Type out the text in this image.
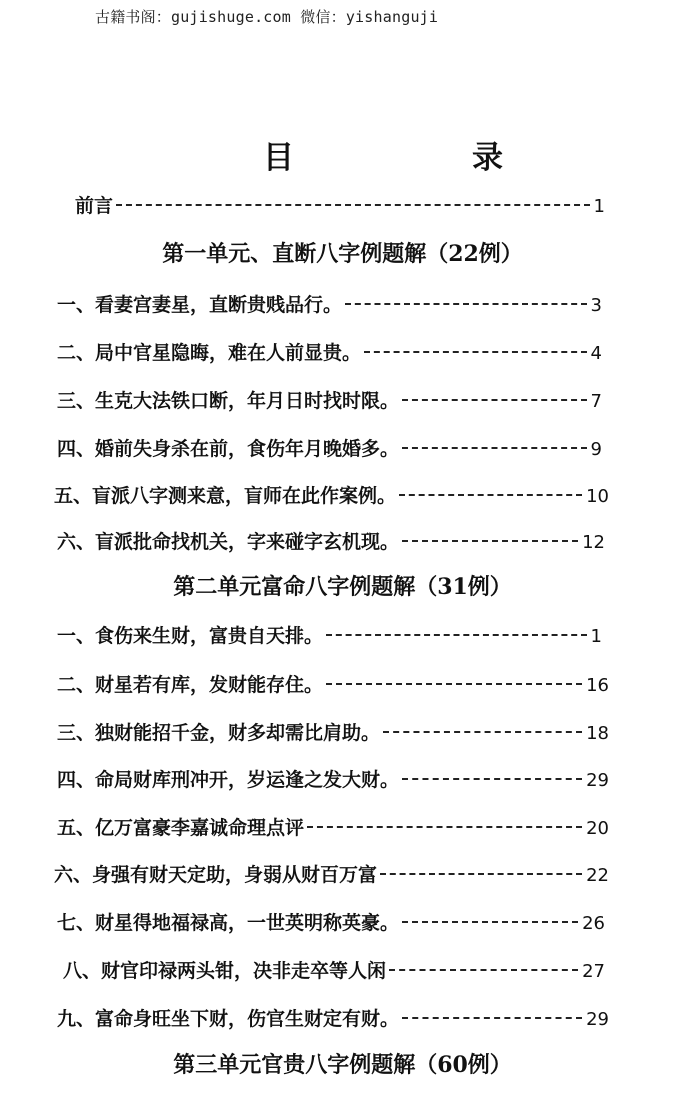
古籍书阁：gujishuge.com 微信：yishanguji
目	录
前言	1
第一单元、直断八字例题解（22例）
一、看妻宫妻星，直断贵贱品行。	3
二、局中官星隐晦，难在人前显贵。	4
三、生克大法铁口断，年月日时找时限。	7
四、婚前失身杀在前，食伤年月晚婚多。	9
五、盲派八字测来意，盲师在此作案例。	10
六、盲派批命找机关，字来碰字玄机现。	12
第二单元富命八字例题解（31例）
一、食伤来生财，富贵自天排。	1
二、财星若有库，发财能存住。	16
三、独财能招千金，财多却需比肩助。	18
四、命局财库刑冲开，岁运逢之发大财。	29
五、亿万富豪李嘉诚命理点评	20
六、身强有财天定助，身弱从财百万富	22
七、财星得地福禄高，一世英明称英豪。	26
八、财官印禄两头钳，决非走卒等人闲	27
九、富命身旺坐下财，伤官生财定有财。	29
第三单元官贵八字例题解（60例）
